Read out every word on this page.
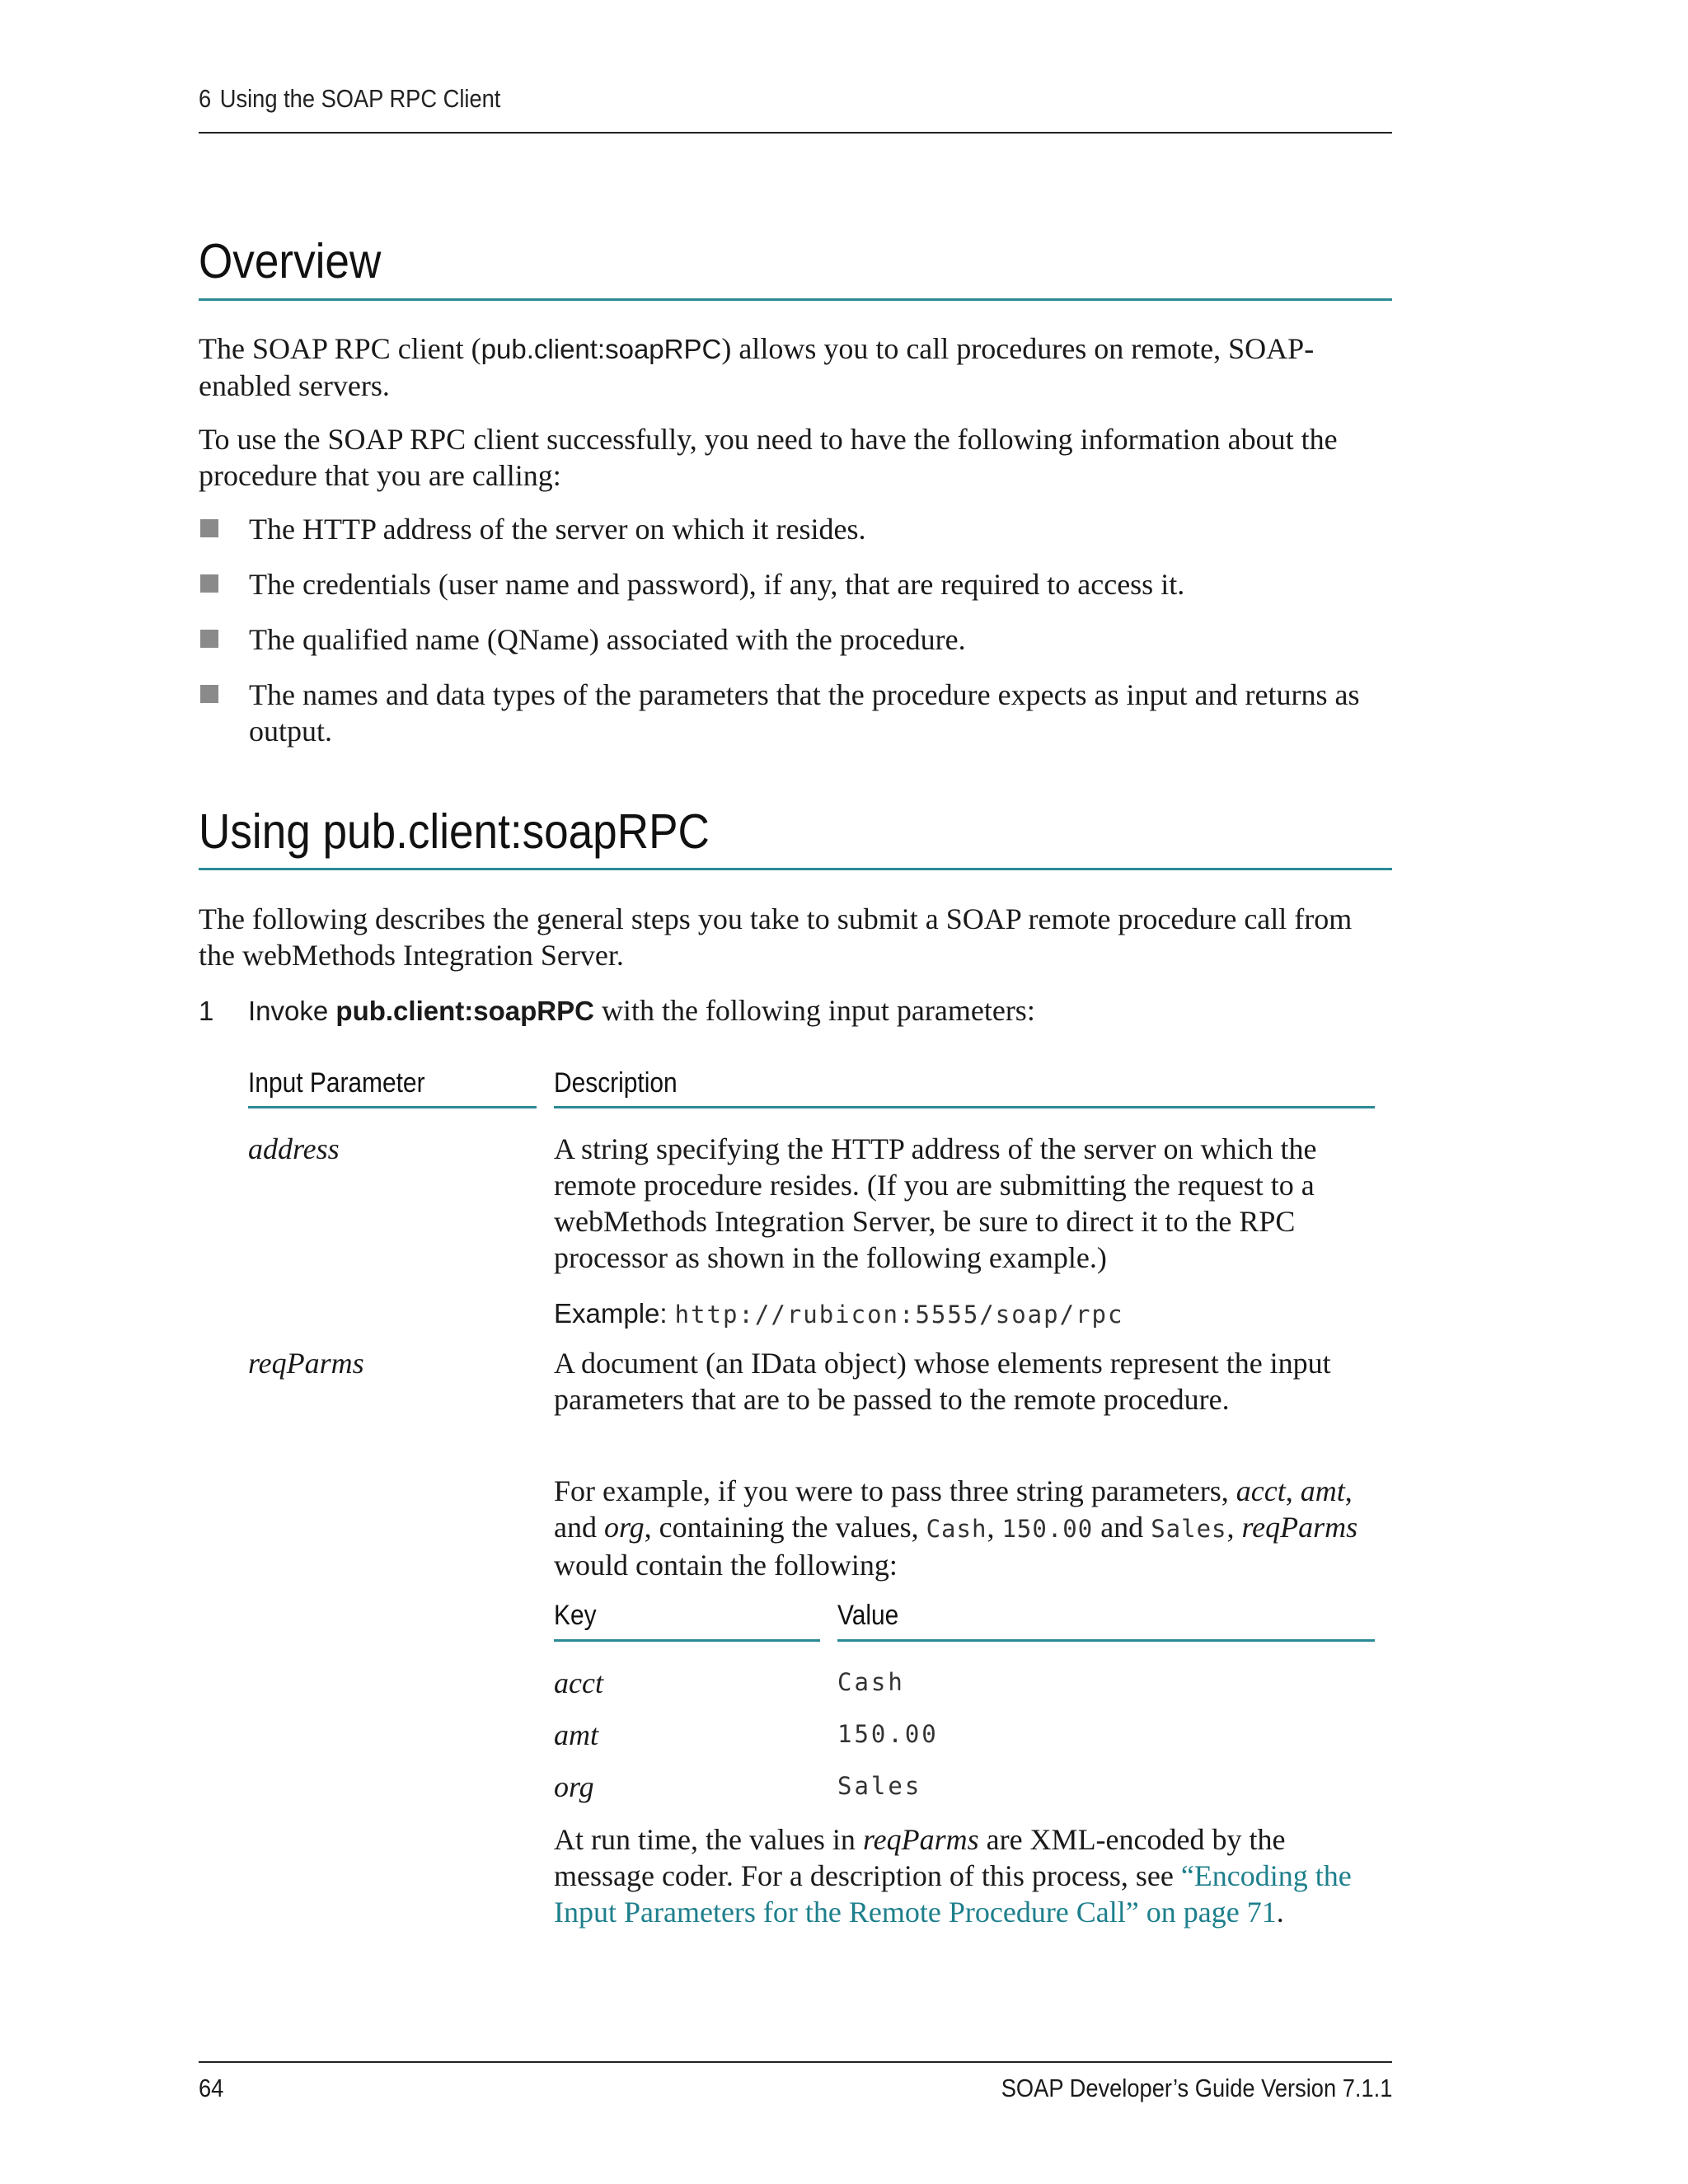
6 Using the SOAP RPC Client
Overview

The SOAP RPC client (pub.client:soapRPC) allows you to call procedures on remote, SOAP-enabled servers.

To use the SOAP RPC client successfully, you need to have the following information about the procedure that you are calling:

The HTTP address of the server on which it resides.
The credentials (user name and password), if any, that are required to access it.
The qualified name (QName) associated with the procedure.
The names and data types of the parameters that the procedure expects as input and returns as output.
Using pub.client:soapRPC

The following describes the general steps you take to submit a SOAP remote procedure call from the webMethods Integration Server.

1 Invoke pub.client:soapRPC with the following input parameters:
Input Parameter	Description
address	A string specifying the HTTP address of the server on which the remote procedure resides. (If you are submitting the request to a webMethods Integration Server, be sure to direct it to the RPC processor as shown in the following example.)

Example: http://rubicon:5555/soap/rpc
reqParms	A document (an IData object) whose elements represent the input parameters that are to be passed to the remote procedure.

For example, if you were to pass three string parameters, acct, amt, and org, containing the values, Cash, 150.00 and Sales, reqParms would contain the following:

Key	Value
acct	Cash
amt	150.00
org	Sales

At run time, the values in reqParms are XML-encoded by the message coder. For a description of this process, see “Encoding the Input Parameters for the Remote Procedure Call” on page 71.

64	SOAP Developer’s Guide Version 7.1.1
